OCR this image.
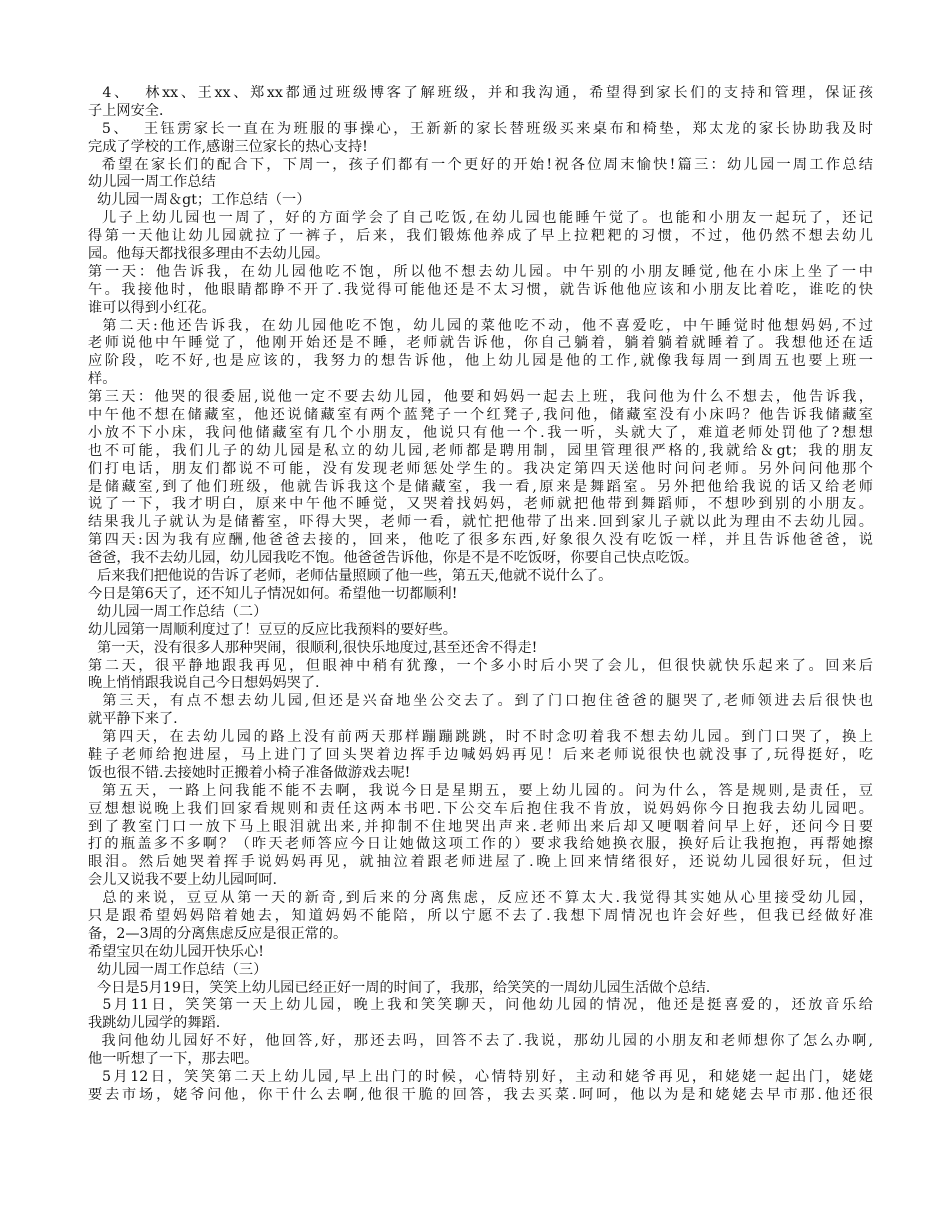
4、  林xx、王xx、郑xx都通过班级博客了解班级，并和我沟通，希望得到家长们的支持和管理，保证孩
子上网安全．
5、  王钰雳家长一直在为班服的事操心，王新新的家长替班级买来桌布和椅垫，郑太龙的家长协助我及时
完成了学校的工作,感谢三位家长的热心支持!
希望在家长们的配合下，下周一，孩子们都有一个更好的开始!祝各位周末愉快!篇三：幼儿园一周工作总结
幼儿园一周工作总结
幼儿园一周＆gt；工作总结（一）
儿子上幼儿园也一周了，好的方面学会了自己吃饭,在幼儿园也能睡午觉了。也能和小朋友一起玩了，还记
得第一天他让幼儿园就拉了一裤子，后来，我们锻炼他养成了早上拉粑粑的习惯，不过，他仍然不想去幼儿
园。他每天都找很多理由不去幼儿园。
第一天：他告诉我，在幼儿园他吃不饱，所以他不想去幼儿园。中午别的小朋友睡觉,他在小床上坐了一中
午。我接他时，他眼睛都睁不开了.我觉得可能他还是不太习惯，就告诉他他应该和小朋友比着吃，谁吃的快
谁可以得到小红花。
第二天:他还告诉我，在幼儿园他吃不饱，幼儿园的菜他吃不动，他不喜爱吃，中午睡觉时他想妈妈,不过
老师说他中午睡觉了，他刚开始还是不睡，老师就告诉他，你自己躺着，躺着躺着就睡着了。我想他还在适
应阶段，吃不好,也是应该的，我努力的想告诉他，他上幼儿园是他的工作,就像我每周一到周五也要上班一
样。
第三天：他哭的很委屈,说他一定不要去幼儿园，他要和妈妈一起去上班，我问他为什么不想去，他告诉我，
中午他不想在储藏室，他还说储藏室有两个蓝凳子一个红凳子,我问他，储藏室没有小床吗？他告诉我储藏室
小放不下小床，我问他储藏室有几个小朋友，他说只有他一个.我一听，头就大了，难道老师处罚他了?想想
也不可能，我们儿子的幼儿园是私立的幼儿园,老师都是聘用制，园里管理很严格的,我就给＆gt；我的朋友
们打电话，朋友们都说不可能，没有发现老师惩处学生的。我决定第四天送他时问问老师。另外问问他那个
是储藏室,到了他们班级，他就告诉我这个是储藏室，我一看,原来是舞蹈室。另外把他给我说的话又给老师
说了一下，我才明白，原来中午他不睡觉，又哭着找妈妈，老师就把他带到舞蹈师，不想吵到别的小朋友。
结果我儿子就认为是储蓄室，吓得大哭，老师一看，就忙把他带了出来.回到家儿子就以此为理由不去幼儿园。
第四天:因为我有应酬,他爸爸去接的，回来，他吃了很多东西,好象很久没有吃饭一样，并且告诉他爸爸，说
爸爸，我不去幼儿园，幼儿园我吃不饱。他爸爸告诉他，你是不是不吃饭呀，你要自己快点吃饭。
后来我们把他说的告诉了老师，老师估量照顾了他一些，第五天,他就不说什么了。
今日是第6天了，还不知儿子情况如何。希望他一切都顺利!
幼儿园一周工作总结（二）
幼儿园第一周顺利度过了！豆豆的反应比我预料的要好些。
第一天，没有很多人那种哭闹，很顺利,很快乐地度过,甚至还舍不得走!
第二天，很平静地跟我再见，但眼神中稍有犹豫，一个多小时后小哭了会儿，但很快就快乐起来了。回来后
晚上悄悄跟我说自己今日想妈妈哭了.
第三天，有点不想去幼儿园,但还是兴奋地坐公交去了。到了门口抱住爸爸的腿哭了,老师领进去后很快也
就平静下来了.
第四天，在去幼儿园的路上没有前两天那样蹦蹦跳跳，时不时念叨着我不想去幼儿园。到门口哭了，换上
鞋子老师给抱进屋，马上进门了回头哭着边挥手边喊妈妈再见！后来老师说很快也就没事了,玩得挺好，吃
饭也很不错.去接她时正搬着小椅子准备做游戏去呢!
第五天，一路上问我能不能不去啊，我说今日是星期五，要上幼儿园的。问为什么，答是规则,是责任，豆
豆想想说晚上我们回家看规则和责任这两本书吧.下公交车后抱住我不肯放，说妈妈你今日抱我去幼儿园吧。
到了教室门口一放下马上眼泪就出来,并抑制不住地哭出声来.老师出来后却又哽咽着问早上好，还问今日要
打的瓶盖多不多啊？（昨天老师答应今日让她做这项工作的）要求我给她换衣服，换好后让我抱抱，再帮她擦
眼泪。然后她哭着挥手说妈妈再见，就抽泣着跟老师进屋了.晚上回来情绪很好，还说幼儿园很好玩，但过
会儿又说我不要上幼儿园呵呵.
总的来说，豆豆从第一天的新奇,到后来的分离焦虑，反应还不算太大.我觉得其实她从心里接受幼儿园，
只是跟希望妈妈陪着她去，知道妈妈不能陪，所以宁愿不去了.我想下周情况也许会好些，但我已经做好准
备，2—3周的分离焦虑反应是很正常的。
希望宝贝在幼儿园开快乐心!
幼儿园一周工作总结（三）
今日是5月19日，笑笑上幼儿园已经正好一周的时间了，我那，给笑笑的一周幼儿园生活做个总结.
5月11日，笑笑第一天上幼儿园，晚上我和笑笑聊天，问他幼儿园的情况，他还是挺喜爱的，还放音乐给
我跳幼儿园学的舞蹈.
我问他幼儿园好不好，他回答,好，那还去吗，回答不去了.我说，那幼儿园的小朋友和老师想你了怎么办啊,
他一听想了一下，那去吧。
5月12日，笑笑第二天上幼儿园,早上出门的时候，心情特别好，主动和姥爷再见，和姥姥一起出门，姥姥
要去市场，姥爷问他，你干什么去啊,他很干脆的回答，我去买菜.呵呵，他以为是和姥姥去早市那.他还很
